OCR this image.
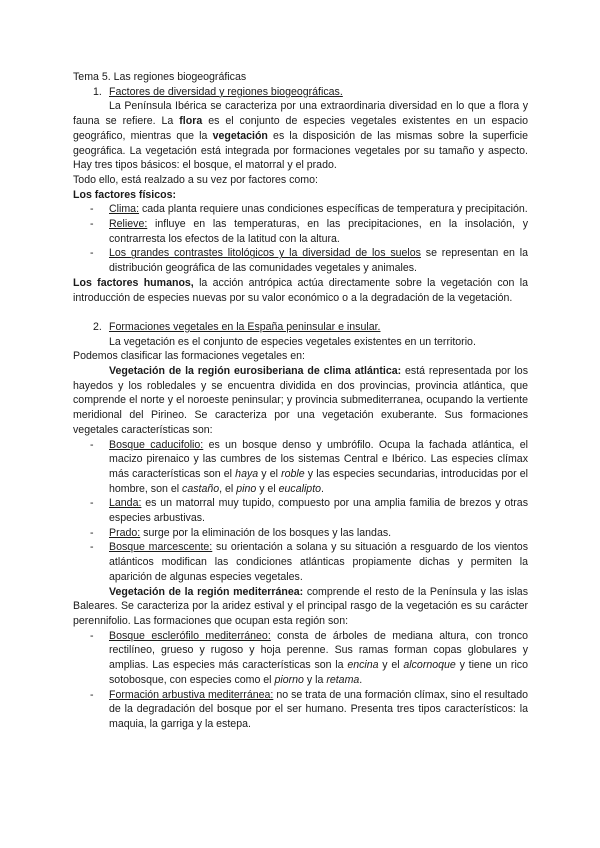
Tema 5. Las regiones biogeográficas

1. Factores de diversidad y regiones biogeográficas.

La Península Ibérica se caracteriza por una extraordinaria diversidad en lo que a flora y fauna se refiere. La flora es el conjunto de especies vegetales existentes en un espacio geográfico, mientras que la vegetación es la disposición de las mismas sobre la superficie geográfica. La vegetación está integrada por formaciones vegetales por su tamaño y aspecto. Hay tres tipos básicos: el bosque, el matorral y el prado.

Todo ello, está realzado a su vez por factores como:

Los factores físicos:

- Clima: cada planta requiere unas condiciones específicas de temperatura y precipitación.
- Relieve: influye en las temperaturas, en las precipitaciones, en la insolación, y contrarresta los efectos de la latitud con la altura.
- Los grandes contrastes litológicos y la diversidad de los suelos se representan en la distribución geográfica de las comunidades vegetales y animales.

Los factores humanos, la acción antrópica actúa directamente sobre la vegetación con la introducción de especies nuevas por su valor económico o a la degradación de la vegetación.

2. Formaciones vegetales en la España peninsular e insular.

La vegetación es el conjunto de especies vegetales existentes en un territorio.

Podemos clasificar las formaciones vegetales en:

Vegetación de la región eurosiberiana de clima atlántica: está representada por los hayedos y los robledales y se encuentra dividida en dos provincias, provincia atlántica, que comprende el norte y el noroeste peninsular; y provincia submediterranea, ocupando la vertiente meridional del Pirineo. Se caracteriza por una vegetación exuberante. Sus formaciones vegetales características son:

- Bosque caducifolio: es un bosque denso y umbrófilo. Ocupa la fachada atlántica, el macizo pirenaico y las cumbres de los sistemas Central e Ibérico. Las especies clímax más características son el haya y el roble y las especies secundarias, introducidas por el hombre, son el castaño, el pino y el eucalipto.
- Landa: es un matorral muy tupido, compuesto por una amplia familia de brezos y otras especies arbustivas.
- Prado: surge por la eliminación de los bosques y las landas.
- Bosque marcescente: su orientación a solana y su situación a resguardo de los vientos atlánticos modifican las condiciones atlánticas propiamente dichas y permiten la aparición de algunas especies vegetales.

Vegetación de la región mediterránea: comprende el resto de la Península y las islas Baleares. Se caracteriza por la aridez estival y el principal rasgo de la vegetación es su carácter perennifolio. Las formaciones que ocupan esta región son:

- Bosque esclerófilo mediterráneo: consta de árboles de mediana altura, con tronco rectilíneo, grueso y rugoso y hoja perenne. Sus ramas forman copas globulares y amplias. Las especies más características son la encina y el alcornoque y tiene un rico sotobosque, con especies como el piorno y la retama.
- Formación arbustiva mediterránea: no se trata de una formación clímax, sino el resultado de la degradación del bosque por el ser humano. Presenta tres tipos característicos: la maquia, la garriga y la estepa.
